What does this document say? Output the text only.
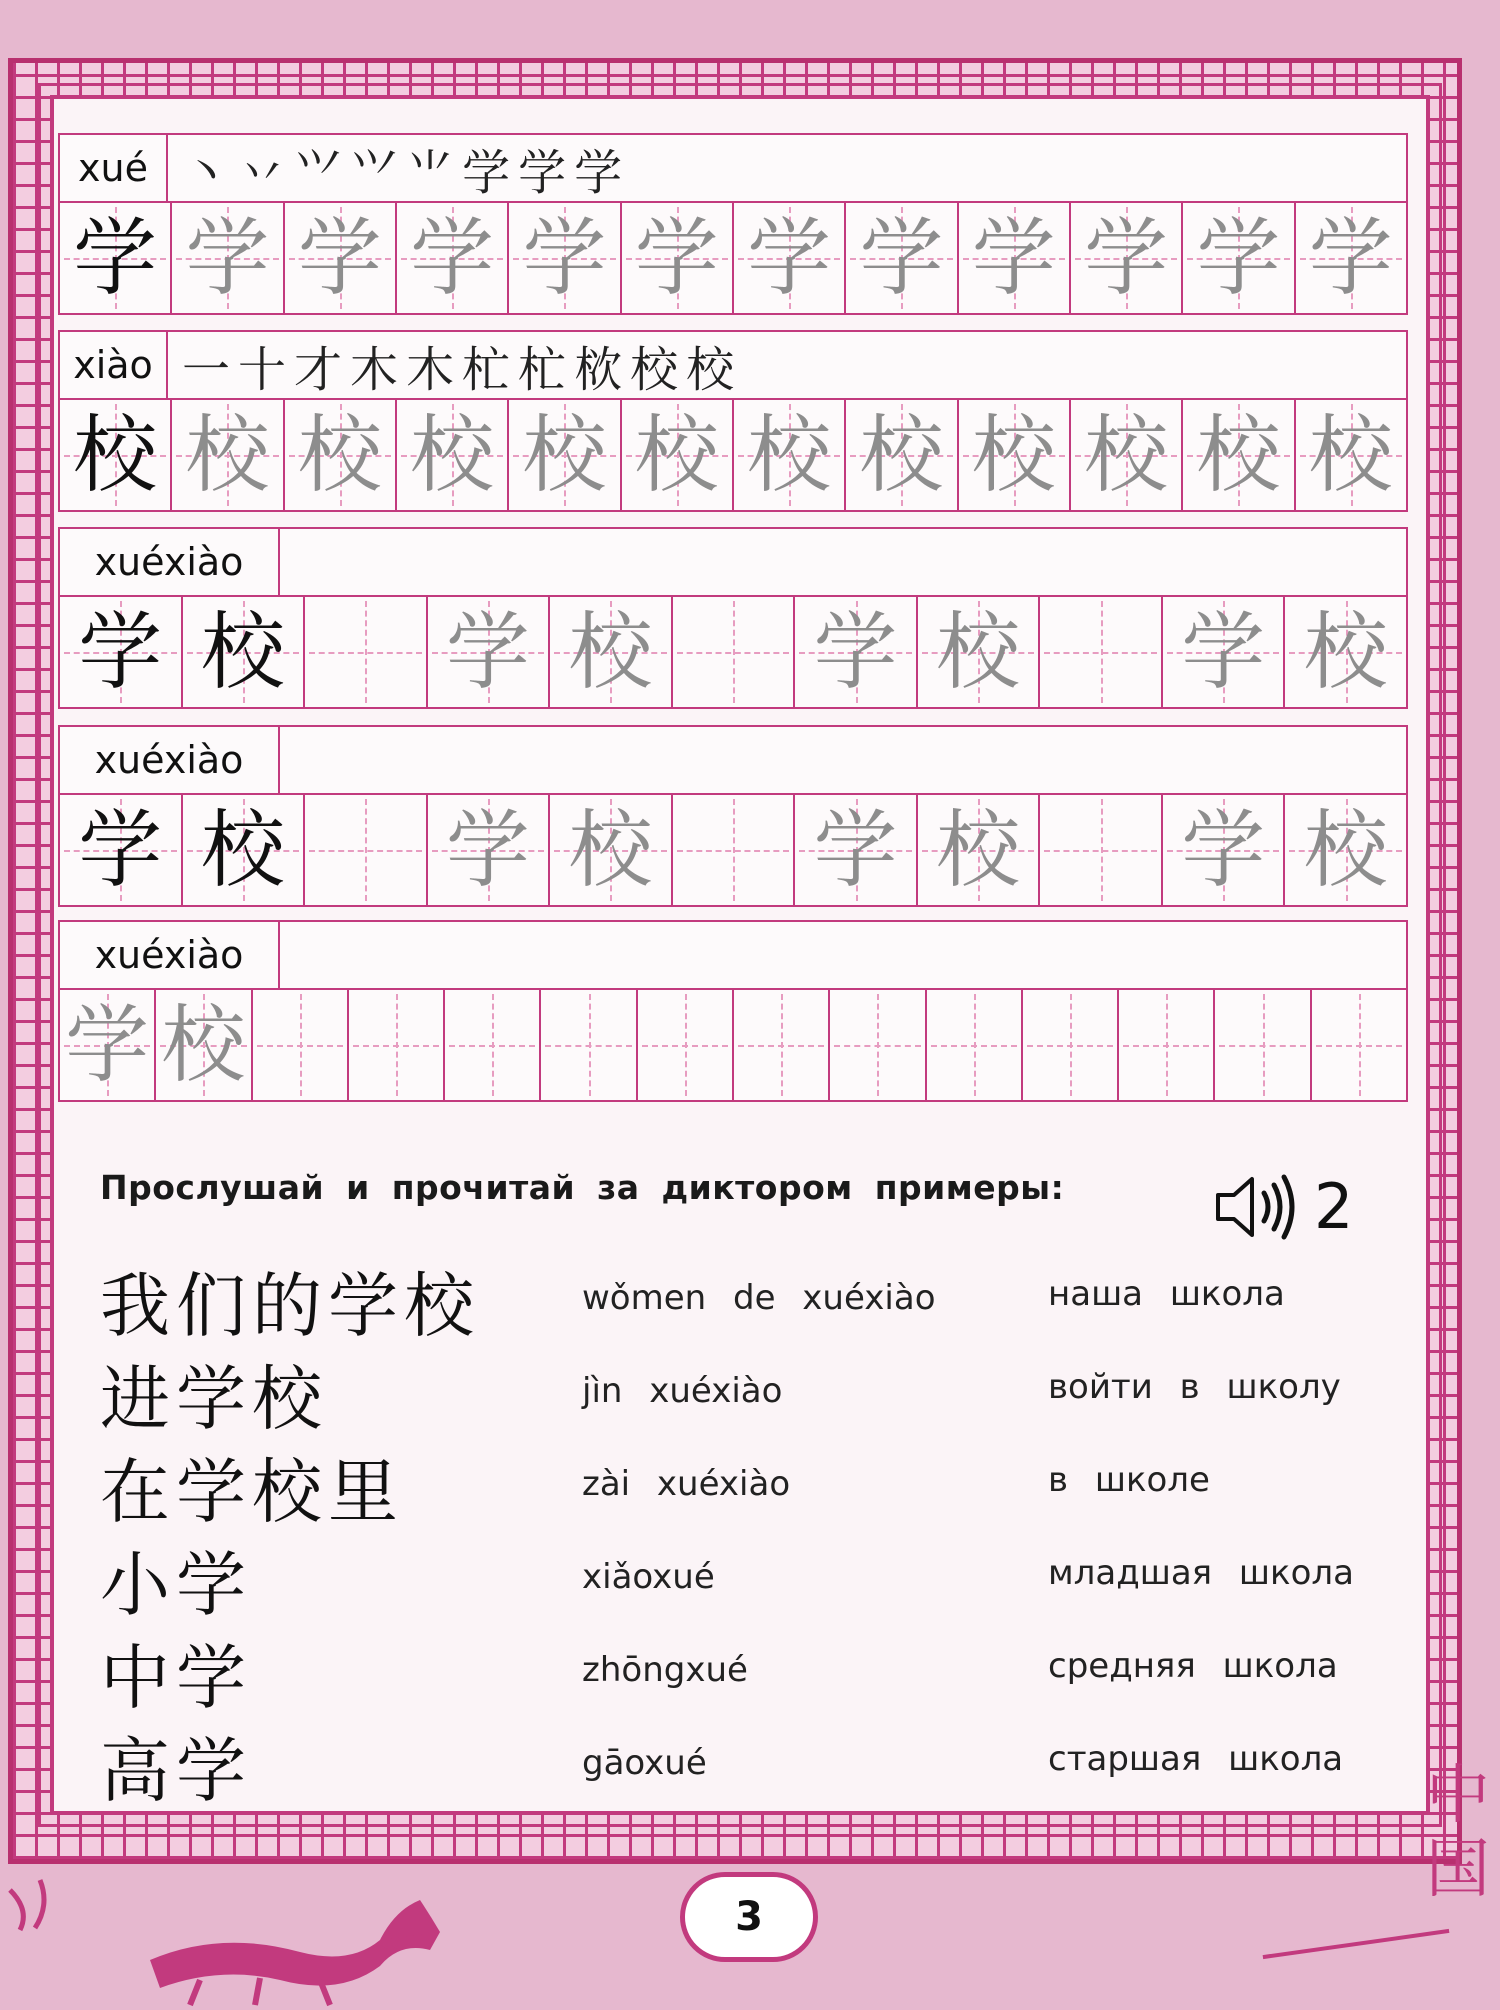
xué 丶 丷 ⺍ ⺍ ⺌ 学 学 学
学 学 学 学 学 学 学 学 学 学 学 学
xiào 一 十 才 木 木 杧 杧 栨 校 校
校 校 校 校 校 校 校 校 校 校 校 校
xuéxiào
学 校 学 校 学 校 学 校
xuéxiào
学 校 学 校 学 校 学 校
xuéxiào
学 校
Прослушай и прочитай за диктором примеры:	2
我们的学校	wǒmen de xuéxiào	наша школа
进学校	jìn xuéxiào	войти в школу
在学校里	zài xuéxiào	в школе
小学	xiǎoxué	младшая школа
中学	zhōngxué	средняя школа
高学	gāoxué	старшая школа
3
中
国
